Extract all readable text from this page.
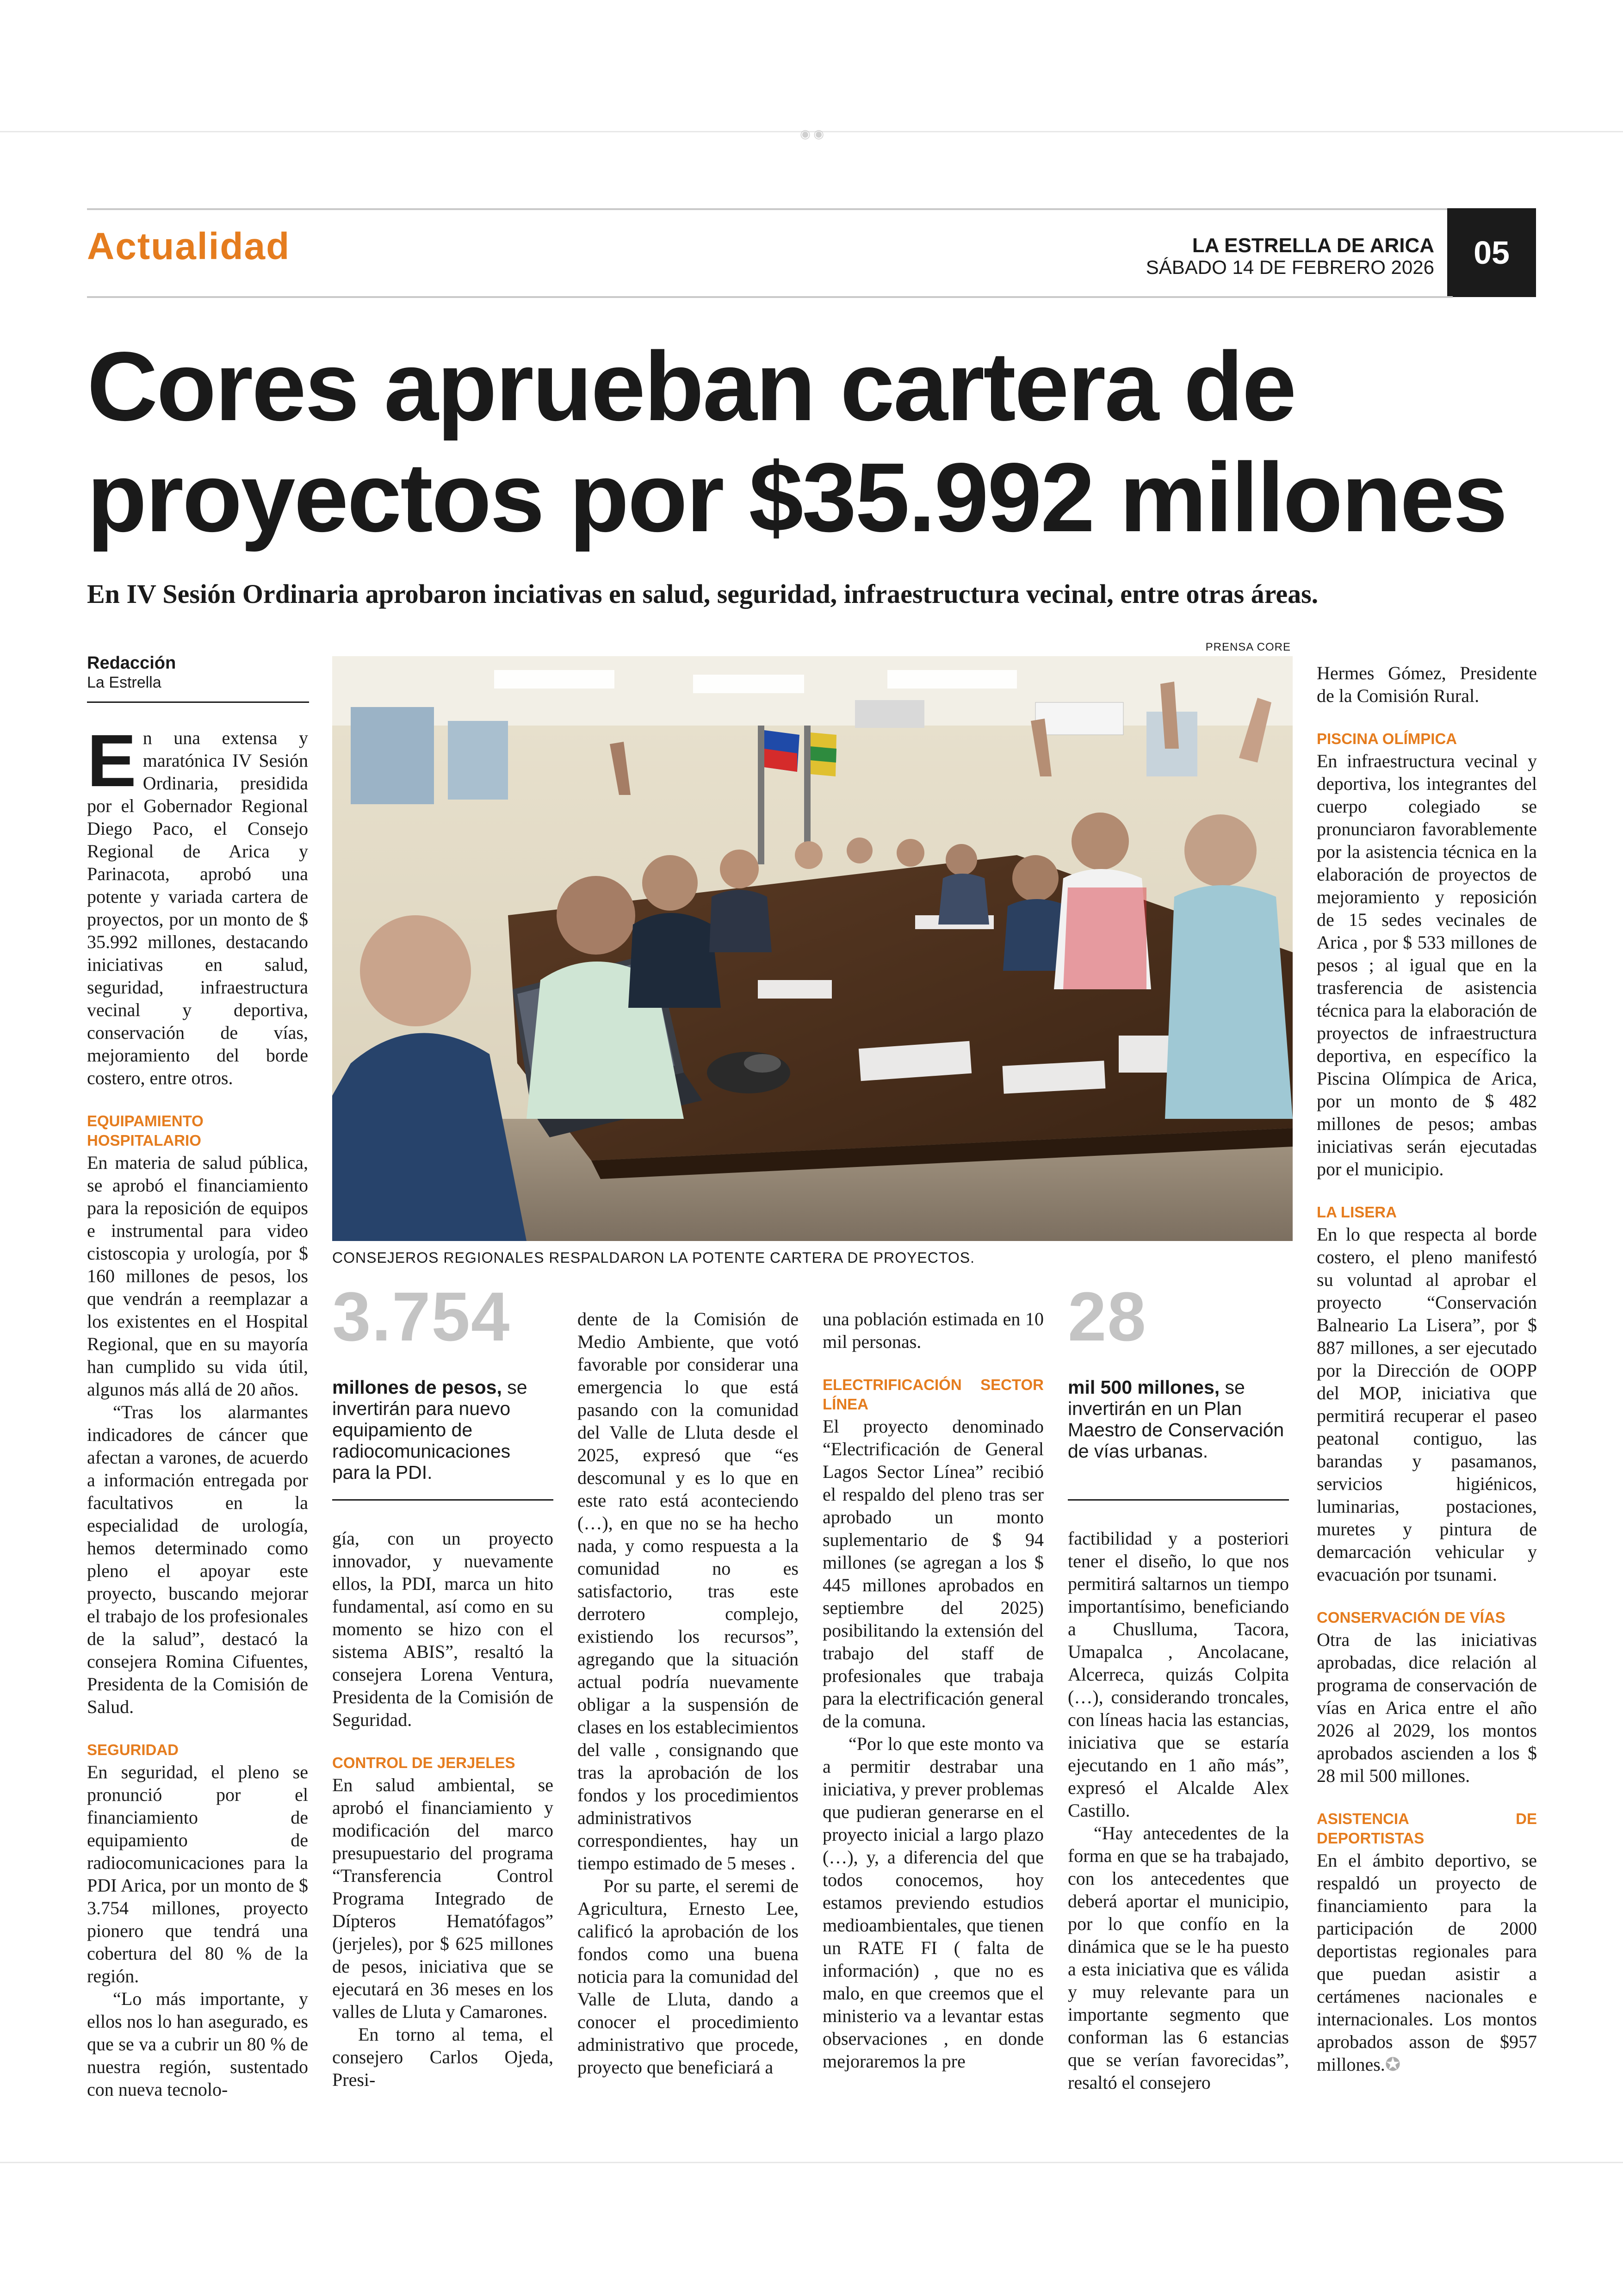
◉ ◉
Actualidad	LA ESTRELLA DE ARICA
SÁBADO 14 DE FEBRERO 2026	05
Cores aprueban cartera de proyectos por $35.992 millones
En IV Sesión Ordinaria aprobaron inciativas en salud, seguridad, infraestructura vecinal, entre otras áreas.
Redacción
La Estrella
PRENSA CORE
CONSEJEROS REGIONALES RESPALDARON LA POTENTE CARTERA DE PROYECTOS.

En una extensa y maratónica IV Sesión Ordinaria, presidida por el Gobernador Regional Diego Paco, el Consejo Regional de Arica y Parinacota, aprobó una potente y variada cartera de proyectos, por un monto de $ 35.992 millones, destacando iniciativas en salud, seguridad, infraestructura vecinal y deportiva, conservación de vías, mejoramiento del borde costero, entre otros.

EQUIPAMIENTO HOSPITALARIO

En materia de salud pública, se aprobó el financiamiento para la reposición de equipos e instrumental para video cistoscopia y urología, por $ 160 millones de pesos, los que vendrán a reemplazar a los existentes en el Hospital Regional, que en su mayoría han cumplido su vida útil, algunos más allá de 20 años.

“Tras los alarmantes indicadores de cáncer que afectan a varones, de acuerdo a información entregada por facultativos en la especialidad de urología, hemos determinado como pleno el apoyar este proyecto, buscando mejorar el trabajo de los profesionales de la salud”, destacó la consejera Romina Cifuentes, Presidenta de la Comisión de Salud.

SEGURIDAD

En seguridad, el pleno se pronunció por el financiamiento de equipamiento de radiocomunicaciones para la PDI Arica, por un monto de $ 3.754 millones, proyecto pionero que tendrá una cobertura del 80 % de la región.

“Lo más importante, y ellos nos lo han asegurado, es que se va a cubrir un 80 % de nuestra región, sustentado con nueva tecnolo-

3.754
millones de pesos, se invertirán para nuevo equipamiento de radiocomunicaciones para la PDI.

gía, con un proyecto innovador, y nuevamente ellos, la PDI, marca un hito fundamental, así como en su momento se hizo con el sistema ABIS”, resaltó la consejera Lorena Ventura, Presidenta de la Comisión de Seguridad.

CONTROL DE JERJELES

En salud ambiental, se aprobó el financiamiento y modificación del marco presupuestario del programa “Transferencia Control Programa Integrado de Dípteros Hematófagos” (jerjeles), por $ 625 millones de pesos, iniciativa que se ejecutará en 36 meses en los valles de Lluta y Camarones.

En torno al tema, el consejero Carlos Ojeda, Presi-

dente de la Comisión de Medio Ambiente, que votó favorable por considerar una emergencia lo que está pasando con la comunidad del Valle de Lluta desde el 2025, expresó que “es descomunal y es lo que en este rato está aconteciendo (…), en que no se ha hecho nada, y como respuesta a la comunidad no es satisfactorio, tras este derrotero complejo, existiendo los recursos”, agregando que la situación actual podría nuevamente obligar a la suspensión de clases en los establecimientos del valle , consignando que tras la aprobación de los fondos y los procedimientos administrativos correspondientes, hay un tiempo estimado de 5 meses .

Por su parte, el seremi de Agricultura, Ernesto Lee, calificó la aprobación de los fondos como una buena noticia para la comunidad del Valle de Lluta, dando a conocer el procedimiento administrativo que procede, proyecto que beneficiará a

una población estimada en 10 mil personas.

ELECTRIFICACIÓN SECTOR LÍNEA

El proyecto denominado “Electrificación de General Lagos Sector Línea” recibió el respaldo del pleno tras ser aprobado un monto suplementario de $ 94 millones (se agregan a los $ 445 millones aprobados en septiembre del 2025) posibilitando la extensión del trabajo del staff de profesionales que trabaja para la electrificación general de la comuna.

“Por lo que este monto va a permitir destrabar una iniciativa, y prever problemas que pudieran generarse en el proyecto inicial a largo plazo (…), y, a diferencia del que todos conocemos, hoy estamos previendo estudios medioambientales, que tienen un RATE FI ( falta de información) , que no es malo, en que creemos que el ministerio va a levantar estas observaciones , en donde mejoraremos la pre

28
mil 500 millones, se invertirán en un Plan Maestro de Conservación de vías urbanas.

factibilidad y a posteriori tener el diseño, lo que nos permitirá saltarnos un tiempo importantísimo, beneficiando a Chuslluma, Tacora, Umapalca , Ancolacane, Alcerreca, quizás Colpita (…), considerando troncales, con líneas hacia las estancias, iniciativa que se estaría ejecutando en 1 año más”, expresó el Alcalde Alex Castillo.

“Hay antecedentes de la forma en que se ha trabajado, con los antecedentes que deberá aportar el municipio, por lo que confío en la dinámica que se le ha puesto a esta iniciativa que es válida y muy relevante para un importante segmento que conforman las 6 estancias que se verían favorecidas”, resaltó el consejero

Hermes Gómez, Presidente de la Comisión Rural.

PISCINA OLÍMPICA

En infraestructura vecinal y deportiva, los integrantes del cuerpo colegiado se pronunciaron favorablemente por la asistencia técnica en la elaboración de proyectos de mejoramiento y reposición de 15 sedes vecinales de Arica , por $ 533 millones de pesos ; al igual que en la trasferencia de asistencia técnica para la elaboración de proyectos de infraestructura deportiva, en específico la Piscina Olímpica de Arica, por un monto de $ 482 millones de pesos; ambas iniciativas serán ejecutadas por el municipio.

LA LISERA

En lo que respecta al borde costero, el pleno manifestó su voluntad al aprobar el proyecto “Conservación Balneario La Lisera”, por $ 887 millones, a ser ejecutado por la Dirección de OOPP del MOP, iniciativa que permitirá recuperar el paseo peatonal contiguo, las barandas y pasamanos, servicios higiénicos, luminarias, postaciones, muretes y pintura de demarcación vehicular y evacuación por tsunami.

CONSERVACIÓN DE VÍAS

Otra de las iniciativas aprobadas, dice relación al programa de conservación de vías en Arica entre el año 2026 al 2029, los montos aprobados ascienden a los $ 28 mil 500 millones.

ASISTENCIA DE DEPORTISTAS

En el ámbito deportivo, se respaldó un proyecto de financiamiento para la participación de 2000 deportistas regionales para que puedan asistir a certámenes nacionales e internacionales. Los montos aprobados asson de $957 millones.✪
